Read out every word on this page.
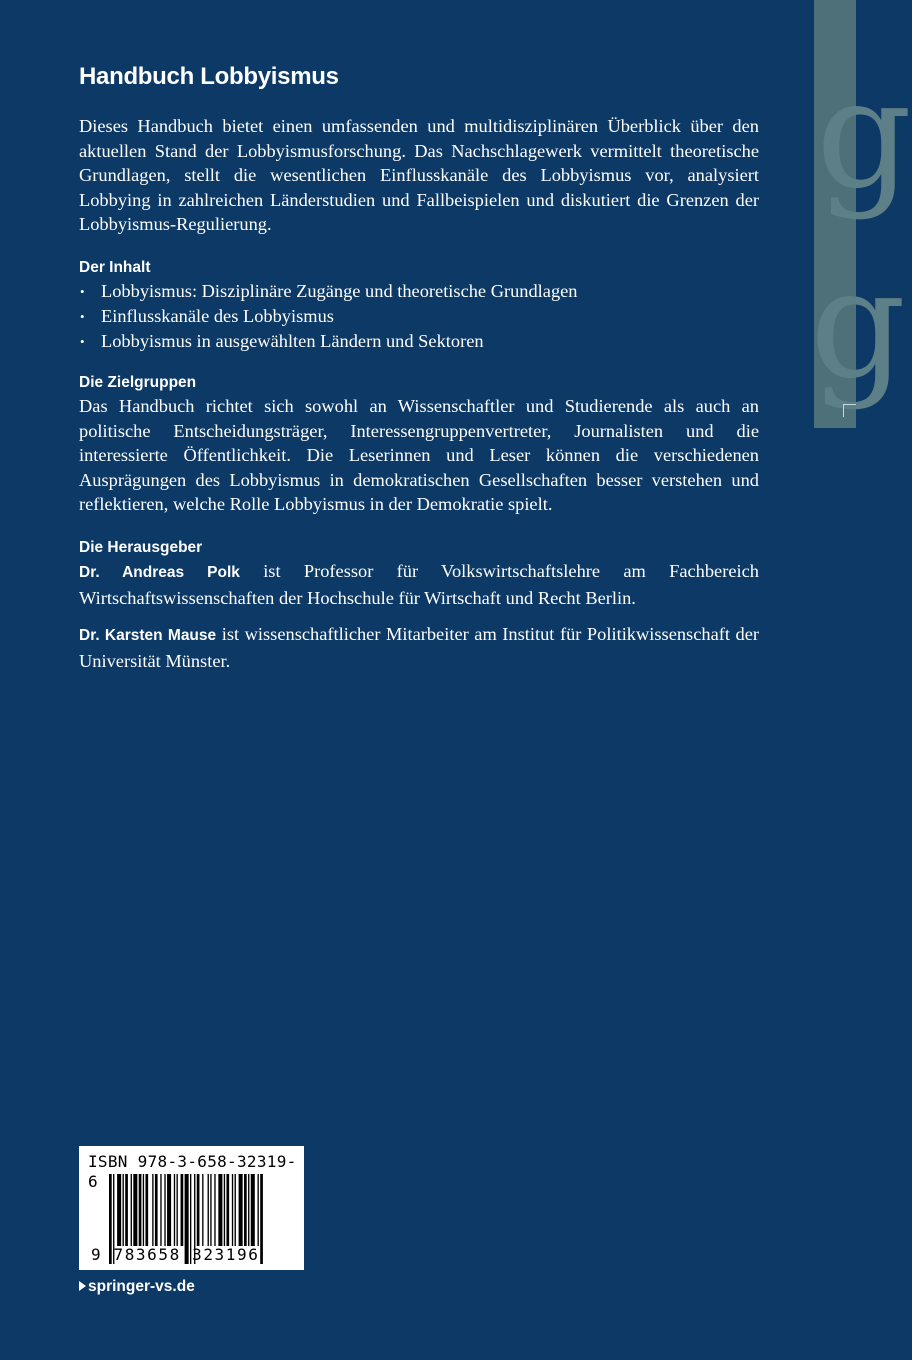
g
g
Handbuch Lobbyismus

Dieses Handbuch bietet einen umfassenden und multidisziplinären Überblick über den aktuellen Stand der Lobbyismusforschung. Das Nachschlagewerk vermittelt theoretische Grundlagen, stellt die wesentlichen Einflusskanäle des Lobbyismus vor, analysiert Lobbying in zahlreichen Länderstudien und Fallbeispielen und diskutiert die Grenzen der Lobbyismus-Regulierung.

Der Inhalt
• Lobbyismus: Disziplinäre Zugänge und theoretische Grundlagen
• Einflusskanäle des Lobbyismus
• Lobbyismus in ausgewählten Ländern und Sektoren
Die Zielgruppen

Das Handbuch richtet sich sowohl an Wissenschaftler und Studierende als auch an politische Entscheidungsträger, Interessengruppenvertreter, Journalisten und die interessierte Öffentlichkeit. Die Leserinnen und Leser können die verschiedenen Ausprägungen des Lobbyismus in demokratischen Gesellschaften besser verstehen und reflektieren, welche Rolle Lobbyismus in der Demokratie spielt.

Die Herausgeber

Dr. Andreas Polk ist Professor für Volkswirtschaftslehre am Fachbereich Wirtschaftswissenschaften der Hochschule für Wirtschaft und Recht Berlin.

Dr. Karsten Mause ist wissenschaftlicher Mitarbeiter am Institut für Politikwissenschaft der Universität Münster.

ISBN 978-3-658-32319-6
9 783658 323196
springer-vs.de
